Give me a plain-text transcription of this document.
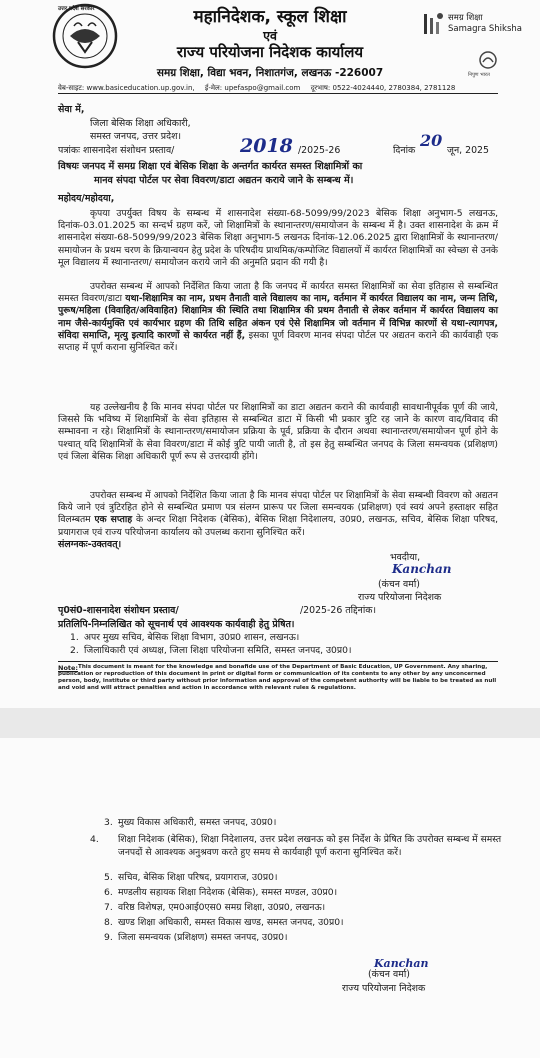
उत्तर प्रदेश सरकार	महानिदेशक, स्कूल शिक्षा
एवं
राज्य परियोजना निदेशक कार्यालय
समग्र शिक्षा, विद्या भवन, निशातगंज, लखनऊ -226007
समग्र शिक्षा
Samagra Shiksha
निपुण भारत
वेब-साइट: www.basiceducation.up.gov.in, ई-मेल: upefaspo@gmail.com दूरभाष: 0522-4024440, 2780384, 2781128
सेवा में,
जिला बेसिक शिक्षा अधिकारी,
समस्त जनपद, उत्तर प्रदेश।
पत्रांकः शासनादेश संशोधन प्रस्ताव/	2018 /2025-26	दिनांक
20
जून, 2025
विषयः जनपद में समग्र शिक्षा एवं बेसिक शिक्षा के अन्तर्गत कार्यरत समस्त शिक्षामित्रों का
मानव संपदा पोर्टल पर सेवा विवरण/डाटा अद्यतन कराये जाने के सम्बन्ध में।
महोदय/महोदया,
कृपया उपर्युक्त विषय के सम्बन्ध में शासनादेश संख्या-68-5099/99/2023 बेसिक शिक्षा अनुभाग-5 लखनऊ, दिनांक-03.01.2025 का सन्दर्भ ग्रहण करें, जो शिक्षामित्रों के स्थानान्तरण/समायोजन के सम्बन्ध में है। उक्त शासनादेश के क्रम में शासनादेश संख्या-68-5099/99/2023 बेसिक शिक्षा अनुभाग-5 लखनऊ दिनांक-12.06.2025 द्वारा शिक्षामित्रों के स्थानान्तरण/समायोजन के प्रथम चरण के क्रियान्वयन हेतु प्रदेश के परिषदीय प्राथमिक/कम्पोजिट विद्यालयों में कार्यरत शिक्षामित्रों का स्वेच्छा से उनके मूल विद्यालय में स्थानान्तरण/ समायोजन कराये जाने की अनुमति प्रदान की गयी है।
उपरोक्त सम्बन्ध में आपको निर्देशित किया जाता है कि जनपद में कार्यरत समस्त शिक्षामित्रों का सेवा इतिहास से सम्बन्धित समस्त विवरण/डाटा यथा-शिक्षामित्र का नाम, प्रथम तैनाती वाले विद्यालय का नाम, वर्तमान में कार्यरत विद्यालय का नाम, जन्म तिथि, पुरूष/महिला (विवाहित/अविवाहित) शिक्षामित्र की स्थिति तथा शिक्षामित्र की प्रथम तैनाती से लेकर वर्तमान में कार्यरत विद्यालय का नाम जैसे-कार्यमुक्ति एवं कार्यभार ग्रहण की तिथि सहित अंकन एवं ऐसे शिक्षामित्र जो वर्तमान में विभिन्न कारणों से यथा-त्यागपत्र, संविदा समाप्ति, मृत्यु इत्यादि कारणों से कार्यरत नहीं हैं, इसका पूर्ण विवरण मानव संपदा पोर्टल पर अद्यतन कराने की कार्यवाही एक सप्ताह में पूर्ण कराना सुनिश्चित करें।
यह उल्लेखनीय है कि मानव संपदा पोर्टल पर शिक्षामित्रों का डाटा अद्यतन कराने की कार्यवाही सावधानीपूर्वक पूर्ण की जाये, जिससे कि भविष्य में शिक्षामित्रों के सेवा इतिहास से सम्बन्धित डाटा में किसी भी प्रकार त्रुटि रह जाने के कारण वाद/विवाद की सम्भावना न रहे। शिक्षामित्रों के स्थानान्तरण/समायोजन प्रक्रिया के पूर्व, प्रक्रिया के दौरान अथवा स्थानान्तरण/समायोजन पूर्ण होने के पश्चात् यदि शिक्षामित्रों के सेवा विवरण/डाटा में कोई त्रुटि पायी जाती है, तो इस हेतु सम्बन्धित जनपद के जिला समन्वयक (प्रशिक्षण) एवं जिला बेसिक शिक्षा अधिकारी पूर्ण रूप से उत्तरदायी होंगे।
उपरोक्त सम्बन्ध में आपको निर्देशित किया जाता है कि मानव संपदा पोर्टल पर शिक्षामित्रों के सेवा सम्बन्धी विवरण को अद्यतन किये जाने एवं त्रुटिरहित होने से सम्बन्धित प्रमाण पत्र संलग्न प्रारूप पर जिला समन्वयक (प्रशिक्षण) एवं स्वयं अपने हस्ताक्षर सहित विलम्बतम एक सप्ताह के अन्दर शिक्षा निदेशक (बेसिक), बेसिक शिक्षा निदेशालय, उ0प्र0, लखनऊ, सचिव, बेसिक शिक्षा परिषद, प्रयागराज एवं राज्य परियोजना कार्यालय को उपलब्ध कराना सुनिश्चित करें।
संलग्नकः-उक्तवत्।
भवदीया,
Kanchan
(कंचन वर्मा)
राज्य परियोजना निदेशक
पृ0सं0-शासनादेश संशोधन प्रस्ताव/	/2025-26 तद्दिनांक।
प्रतिलिपि-निम्नलिखित को सूचनार्थ एवं आवश्यक कार्यवाही हेतु प्रेषित।
1. अपर मुख्य सचिव, बेसिक शिक्षा विभाग, उ0प्र0 शासन, लखनऊ।
2. जिलाधिकारी एवं अध्यक्ष, जिला शिक्षा परियोजना समिति, समस्त जनपद, उ0प्र0।
Note: This document is meant for the knowledge and bonafide use of the Department of Basic Education, UP Government. Any sharing, publication or reproduction of this document in print or digital form or communication of its contents to any other by any unconcerned person, body, institute or third party without prior information and approval of the competent authority will be liable to be treated as null and void and will attract penalties and action in accordance with relevant rules & regulations.
3. मुख्य विकास अधिकारी, समस्त जनपद, उ0प्र0।
4. शिक्षा निदेशक (बेसिक), शिक्षा निदेशालय, उत्तर प्रदेश लखनऊ को इस निर्देश के प्रेषित कि उपरोक्त सम्बन्ध में समस्त जनपदों से आवश्यक अनुश्रवण करते हुए समय से कार्यवाही पूर्ण कराना सुनिश्चित करें।
5. सचिव, बेसिक शिक्षा परिषद, प्रयागराज, उ0प्र0।
6. मण्डलीय सहायक शिक्षा निदेशक (बेसिक), समस्त मण्डल, उ0प्र0।
7. वरिष्ठ विशेषज्ञ, एम0आई0एस0 समग्र शिक्षा, उ0प्र0, लखनऊ।
8. खण्ड शिक्षा अधिकारी, समस्त विकास खण्ड, समस्त जनपद, उ0प्र0।
9. जिला समन्वयक (प्रशिक्षण) समस्त जनपद, उ0प्र0।
Kanchan
(कंचन वर्मा)
राज्य परियोजना निदेशक
